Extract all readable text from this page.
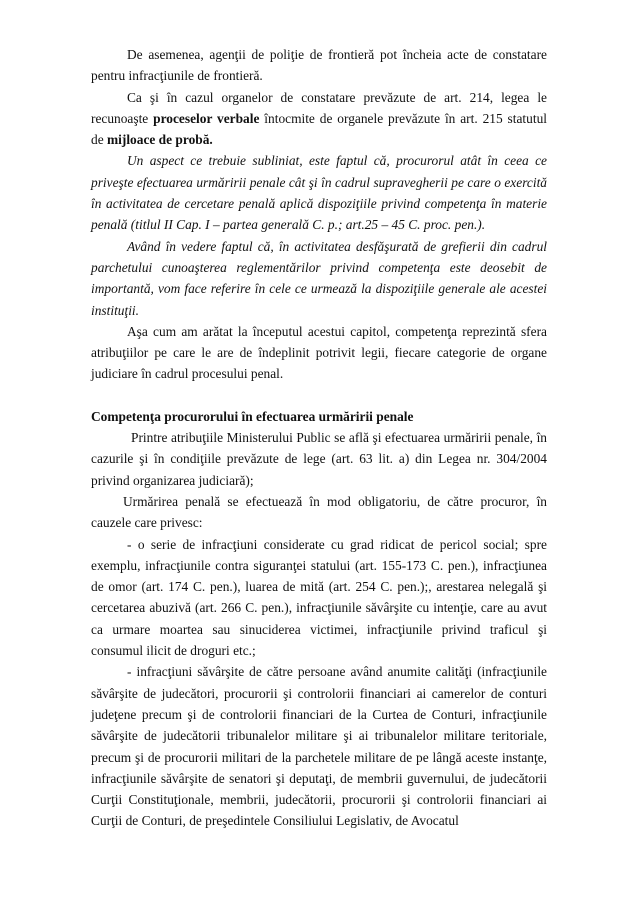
De asemenea, agenţii de poliţie de frontieră pot încheia acte de constatare pentru infracţiunile de frontieră.

Ca şi în cazul organelor de constatare prevăzute de art. 214, legea le recunoaşte proceselor verbale întocmite de organele prevăzute în art. 215 statutul de mijloace de probă.

Un aspect ce trebuie subliniat, este faptul că, procurorul atât în ceea ce priveşte efectuarea urmăririi penale cât şi în cadrul supravegherii pe care o exercită în activitatea de cercetare penală aplică dispoziţiile privind competenţa în materie penală (titlul II Cap. I – partea generală C. p.; art.25 – 45 C. proc. pen.).

Având în vedere faptul că, în activitatea desfăşurată de grefierii din cadrul parchetului cunoaşterea reglementărilor privind competenţa este deosebit de importantă, vom face referire în cele ce urmează la dispoziţiile generale ale acestei instituţii.

Aşa cum am arătat la începutul acestui capitol, competenţa reprezintă sfera atribuţiilor pe care le are de îndeplinit potrivit legii, fiecare categorie de organe judiciare în cadrul procesului penal.

Competenţa procurorului în efectuarea urmăririi penale

Printre atribuţiile Ministerului Public se află şi efectuarea urmăririi penale, în cazurile şi în condiţiile prevăzute de lege (art. 63 lit. a) din Legea nr. 304/2004 privind organizarea judiciară);

Urmărirea penală se efectuează în mod obligatoriu, de către procuror, în cauzele care privesc:

- o serie de infracţiuni considerate cu grad ridicat de pericol social; spre exemplu, infracţiunile contra siguranţei statului (art. 155-173 C. pen.), infracţiunea de omor (art. 174 C. pen.), luarea de mită (art. 254 C. pen.);, arestarea nelegală şi cercetarea abuzivă (art. 266 C. pen.), infracţiunile săvârşite cu intenţie, care au avut ca urmare moartea sau sinuciderea victimei, infracţiunile privind traficul şi consumul ilicit de droguri etc.;

- infracţiuni săvârşite de către persoane având anumite calităţi (infracţiunile săvârşite de judecători, procurorii şi controlorii financiari ai camerelor de conturi judeţene precum şi de controlorii financiari de la Curtea de Conturi, infracţiunile săvârşite de judecătorii tribunalelor militare şi ai tribunalelor militare teritoriale, precum şi de procurorii militari de la parchetele militare de pe lângă aceste instanţe, infracţiunile săvârşite de senatori şi deputaţi, de membrii guvernului, de judecătorii Curţii Constituţionale, membrii, judecătorii, procurorii şi controlorii financiari ai Curţii de Conturi, de preşedintele Consiliului Legislativ, de Avocatul
